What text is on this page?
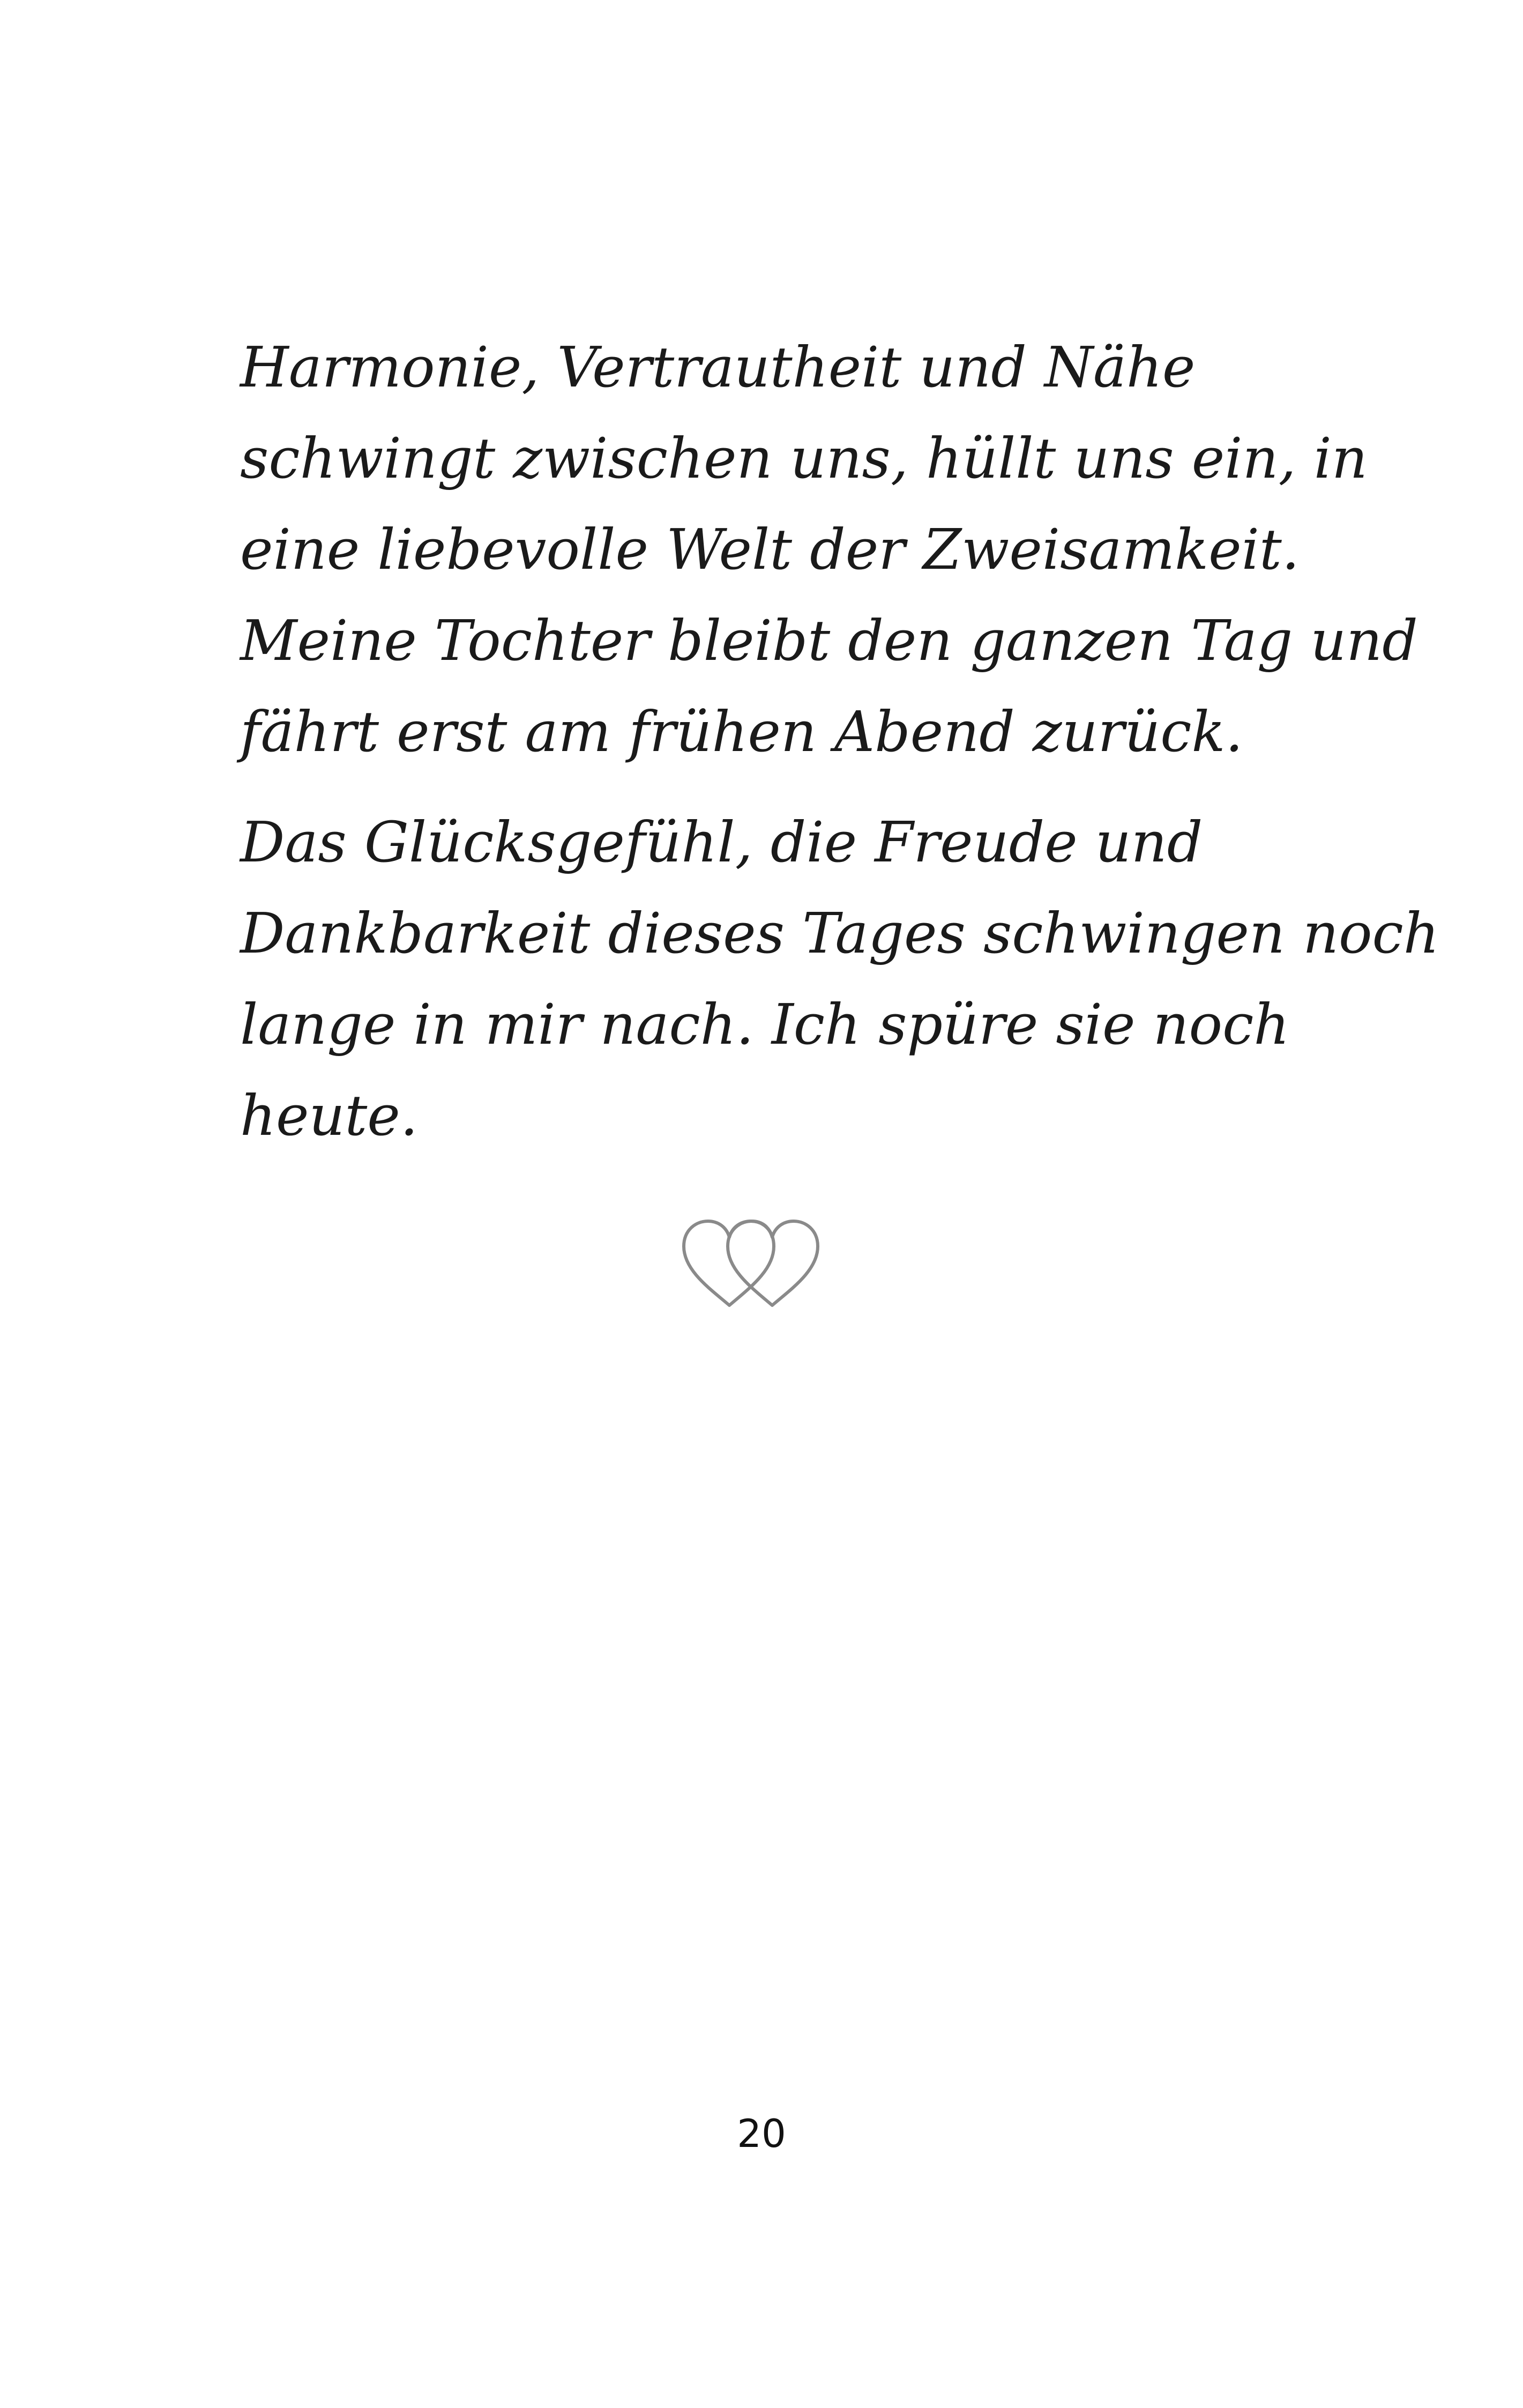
Harmonie, Vertrautheit und Nähe
schwingt zwischen uns, hüllt uns ein, in
eine liebevolle Welt der Zweisamkeit.
Meine Tochter bleibt den ganzen Tag und
fährt erst am frühen Abend zurück.

Das Glücksgefühl, die Freude und
Dankbarkeit dieses Tages schwingen noch
lange in mir nach. Ich spüre sie noch
heute.

20
